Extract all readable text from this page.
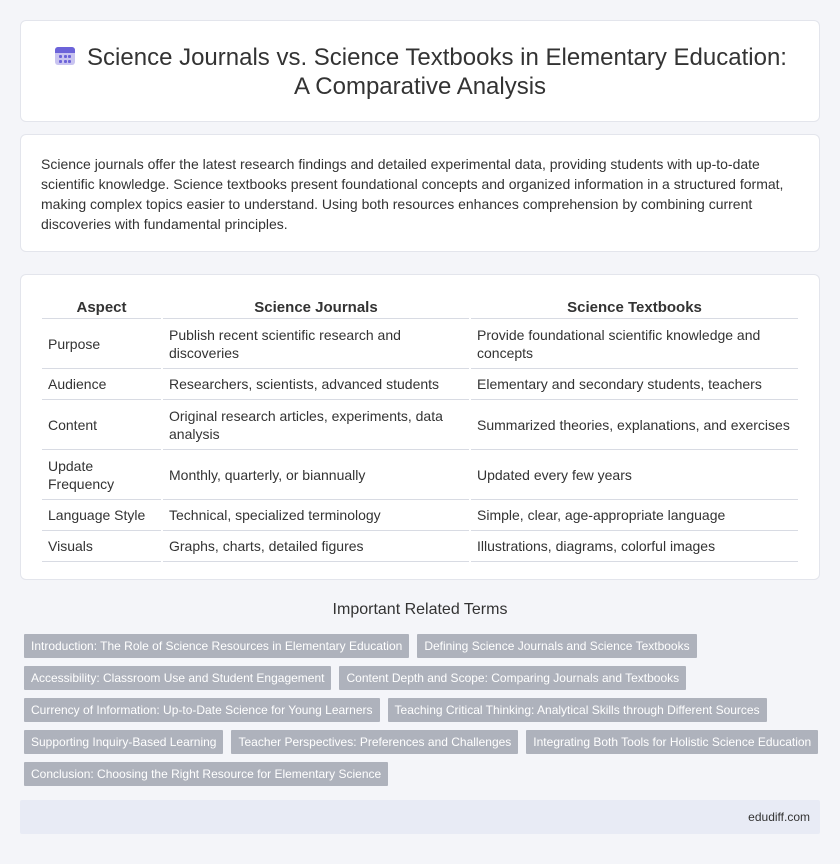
Science Journals vs. Science Textbooks in Elementary Education:
A Comparative Analysis

Science journals offer the latest research findings and detailed experimental data, providing students with up-to-date scientific knowledge. Science textbooks present foundational concepts and organized information in a structured format, making complex topics easier to understand. Using both resources enhances comprehension by combining current discoveries with fundamental principles.

Aspect	Science Journals	Science Textbooks
Purpose	Publish recent scientific research and discoveries	Provide foundational scientific knowledge and concepts
Audience	Researchers, scientists, advanced students	Elementary and secondary students, teachers
Content	Original research articles, experiments, data analysis	Summarized theories, explanations, and exercises
Update Frequency	Monthly, quarterly, or biannually	Updated every few years
Language Style	Technical, specialized terminology	Simple, clear, age-appropriate language
Visuals	Graphs, charts, detailed figures	Illustrations, diagrams, colorful images
Important Related Terms
Introduction: The Role of Science Resources in Elementary Education	Defining Science Journals and Science Textbooks
Accessibility: Classroom Use and Student Engagement	Content Depth and Scope: Comparing Journals and Textbooks
Currency of Information: Up-to-Date Science for Young Learners	Teaching Critical Thinking: Analytical Skills through Different Sources
Supporting Inquiry-Based Learning	Teacher Perspectives: Preferences and Challenges	Integrating Both Tools for Holistic Science Education
Conclusion: Choosing the Right Resource for Elementary Science
edudiff.com
